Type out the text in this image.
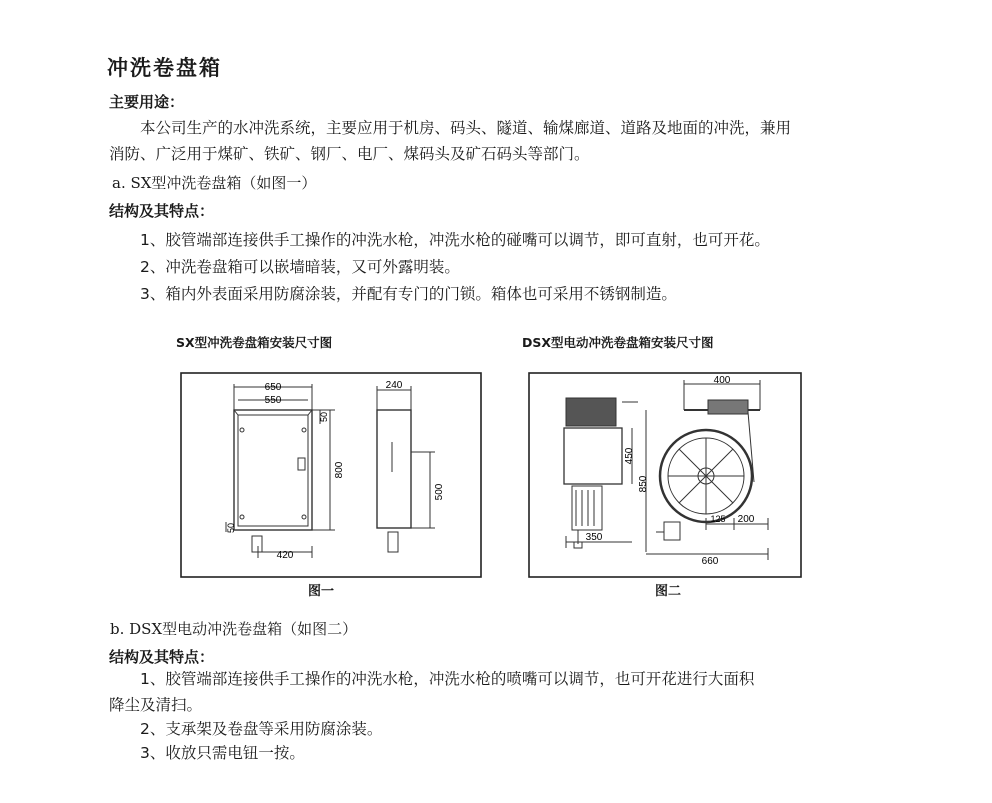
冲洗卷盘箱
主要用途：
本公司生产的水冲洗系统，主要应用于机房、码头、隧道、输煤廊道、道路及地面的冲洗，兼用
消防、广泛用于煤矿、铁矿、钢厂、电厂、煤码头及矿石码头等部门。
a. SX型冲洗卷盘箱（如图一）
结构及其特点：
1、胶管端部连接供手工操作的冲洗水枪，冲洗水枪的碰嘴可以调节，即可直射，也可开花。
2、冲洗卷盘箱可以嵌墙暗装，又可外露明装。
3、箱内外表面采用防腐涂装，并配有专门的门锁。箱体也可采用不锈钢制造。
SX型冲洗卷盘箱安装尺寸图	DSX型电动冲洗卷盘箱安装尺寸图
650
550
50
800
50
420
240
500
400
450
850
125 200
350
660
图一	图二
b. DSX型电动冲洗卷盘箱（如图二）
结构及其特点：
1、胶管端部连接供手工操作的冲洗水枪，冲洗水枪的喷嘴可以调节，也可开花进行大面积
降尘及清扫。
2、支承架及卷盘等采用防腐涂装。
3、收放只需电钮一按。
